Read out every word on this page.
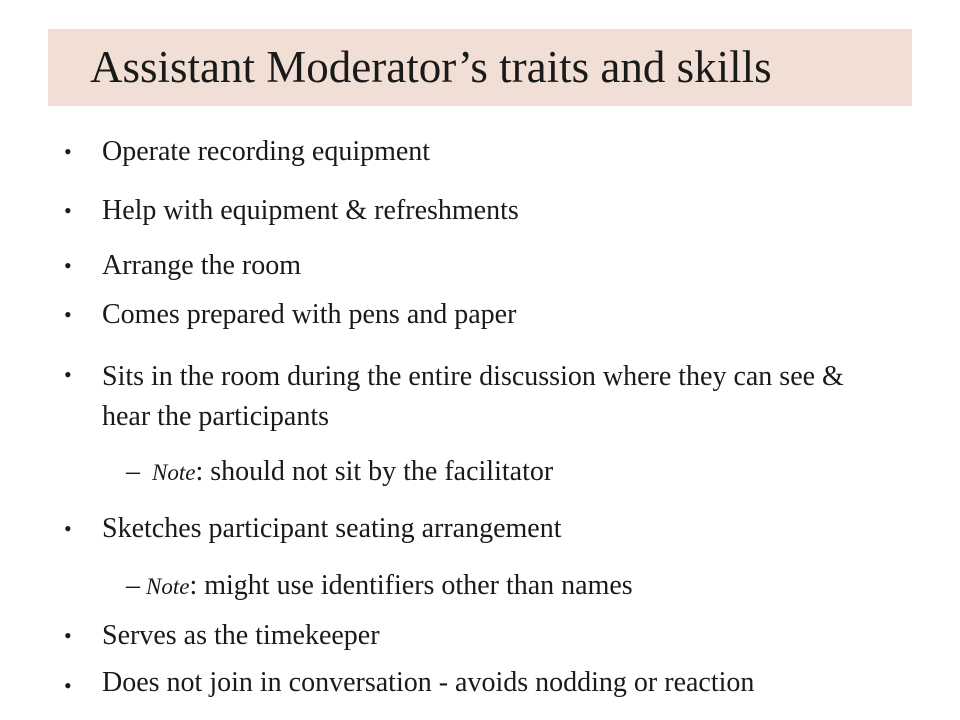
Assistant Moderator’s traits and skills
• Operate recording equipment
• Help with equipment & refreshments
• Arrange the room
• Comes prepared with pens and paper
• Sits in the room during the entire discussion where they can see & hear the participants
– Note: should not sit by the facilitator
• Sketches participant seating arrangement
– Note: might use identifiers other than names
• Serves as the timekeeper
• Does not join in conversation - avoids nodding or reaction
